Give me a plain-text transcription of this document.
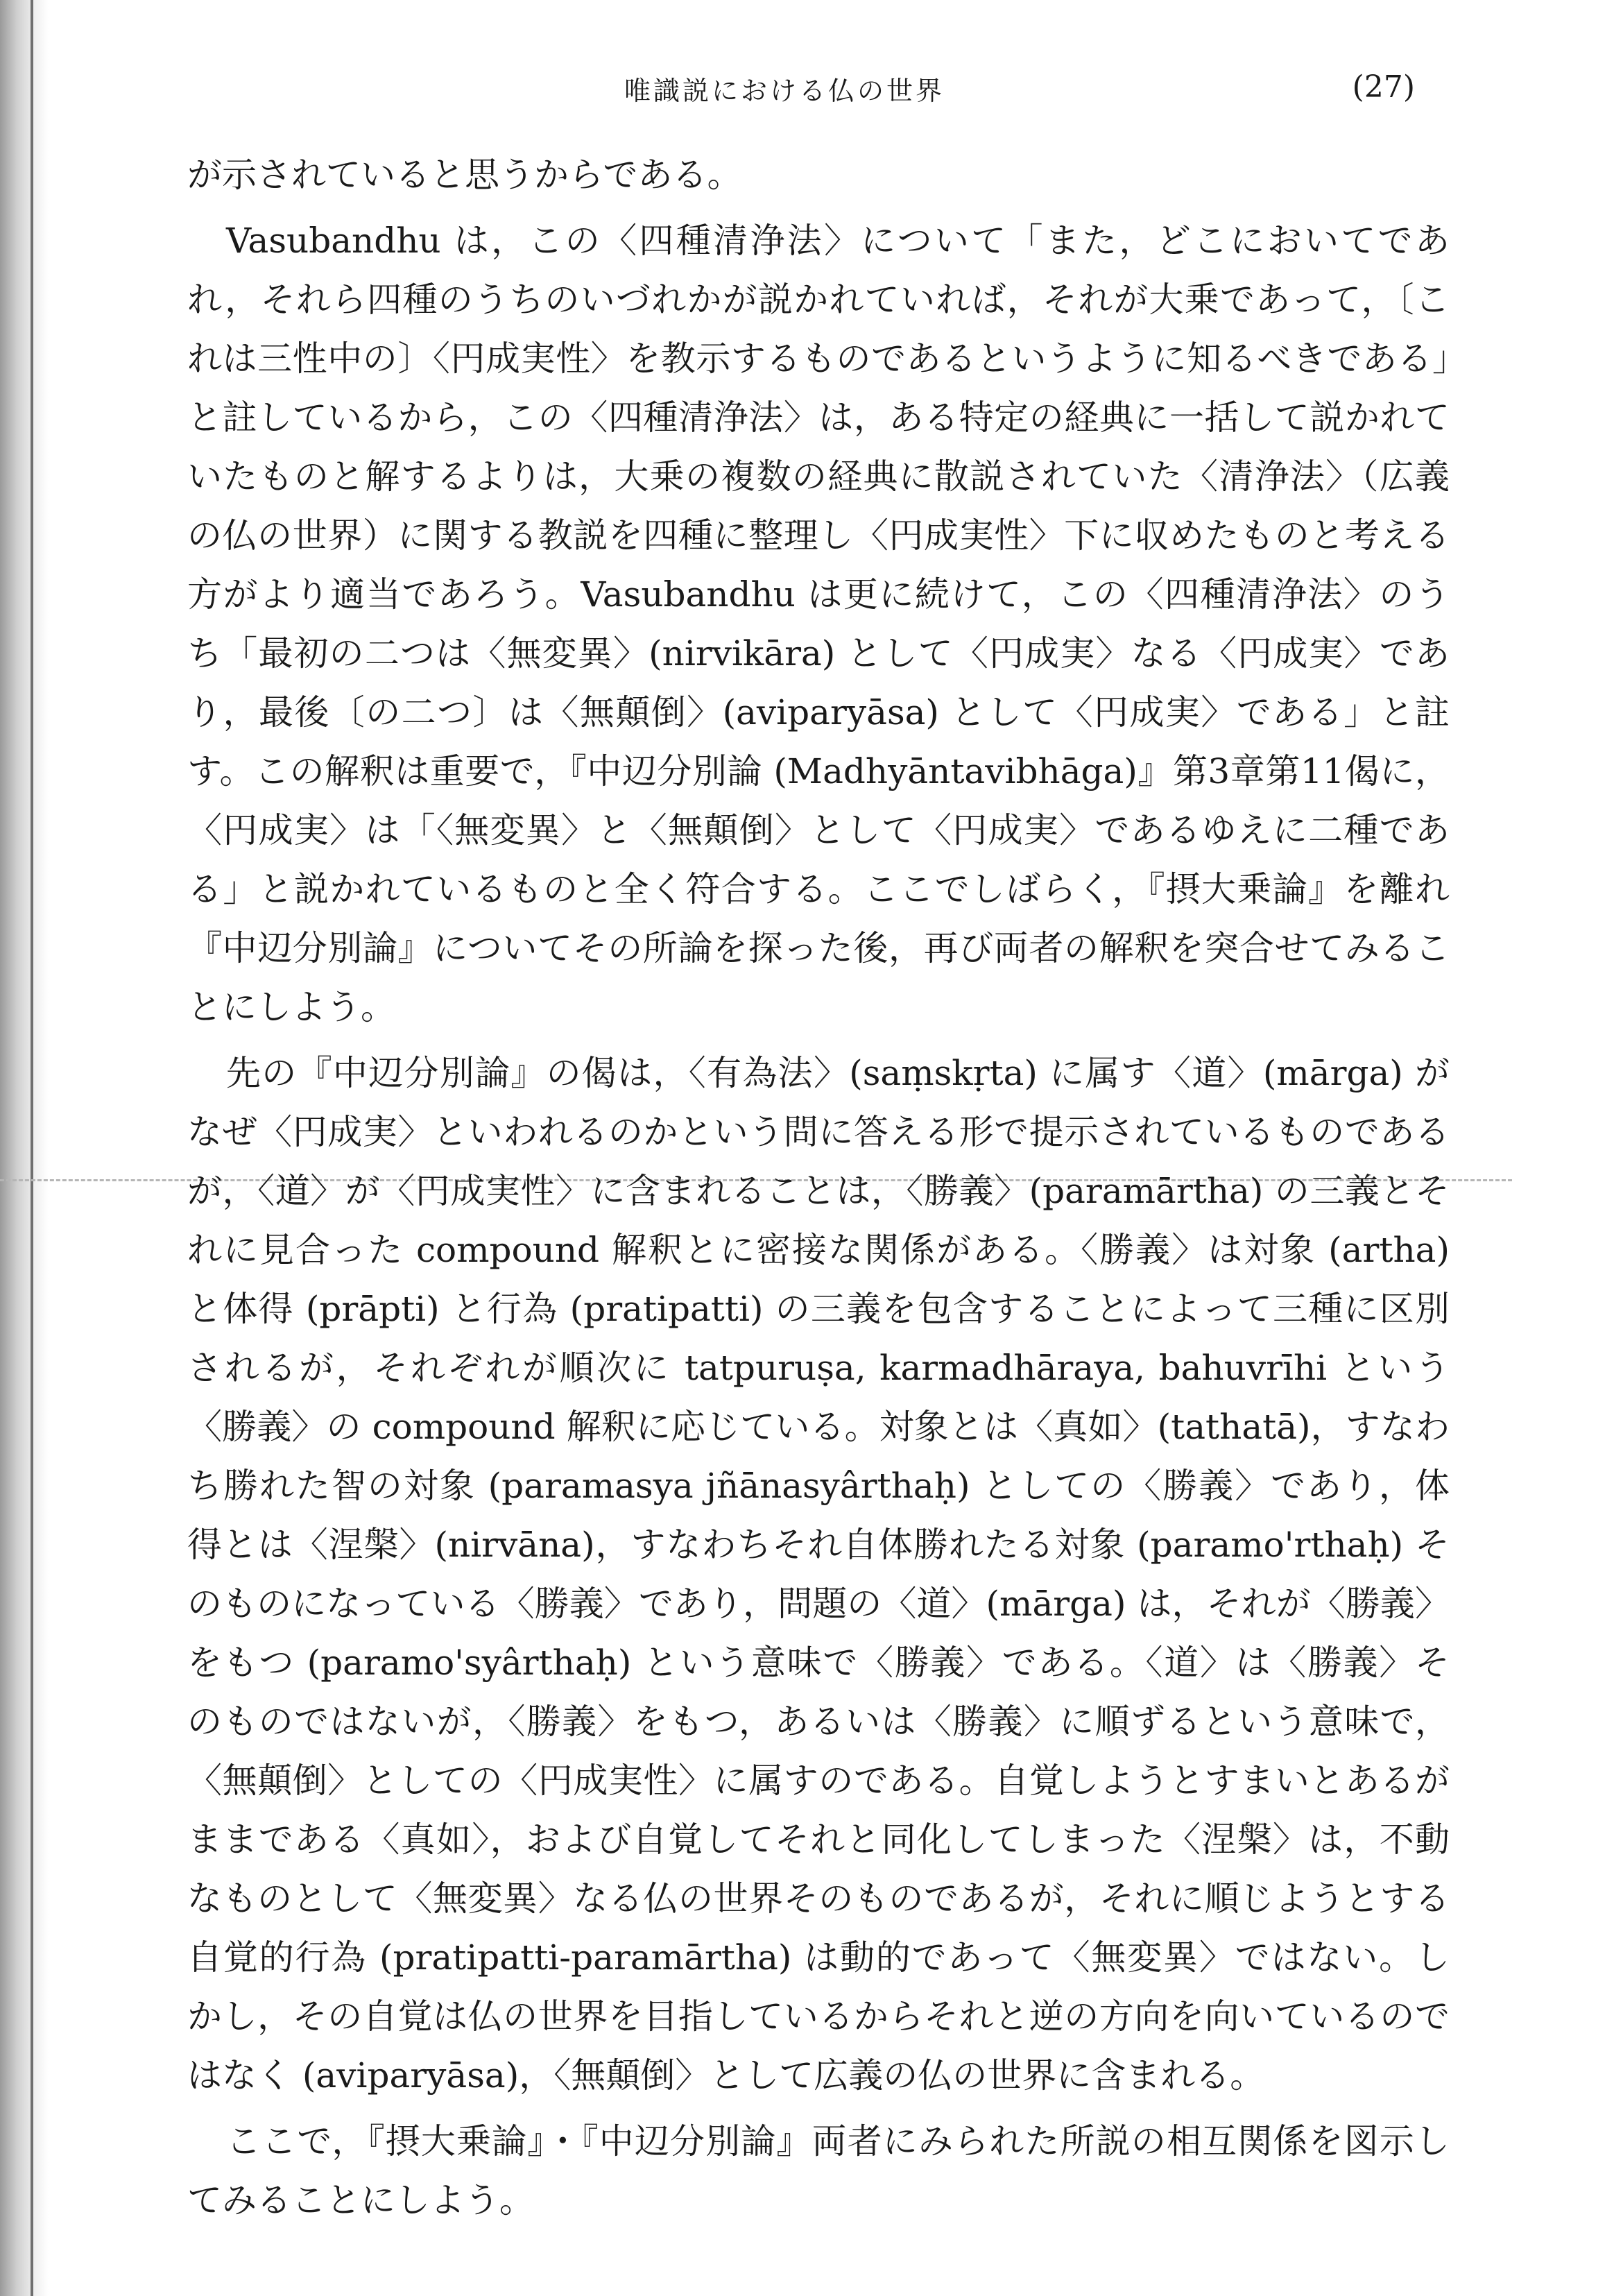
唯識説における仏の世界	(27)

が示されていると思うからである。

Vasubandhu は，この〈四種清浄法〉について「また，どこにおいてであれ，それら四種のうちのいづれかが説かれていれば，それが大乗であって，〔これは三性中の〕〈円成実性〉を教示するものであるというように知るべきである」と註しているから，この〈四種清浄法〉は，ある特定の経典に一括して説かれていたものと解するよりは，大乗の複数の経典に散説されていた〈清浄法〉（広義の仏の世界）に関する教説を四種に整理し〈円成実性〉下に収めたものと考える方がより適当であろう。Vasubandhu は更に続けて，この〈四種清浄法〉のうち「最初の二つは〈無変異〉(nirvikāra) として〈円成実〉なる〈円成実〉であり，最後〔の二つ〕は〈無顛倒〉(aviparyāsa) として〈円成実〉である」と註す。この解釈は重要で，『中辺分別論 (Madhyāntavibhāga)』第3章第11偈に，〈円成実〉は「〈無変異〉と〈無顛倒〉として〈円成実〉であるゆえに二種である」と説かれているものと全く符合する。ここでしばらく，『摂大乗論』を離れ『中辺分別論』についてその所論を探った後，再び両者の解釈を突合せてみることにしよう。

先の『中辺分別論』の偈は，〈有為法〉(saṃskṛta) に属す〈道〉(mārga) がなぜ〈円成実〉といわれるのかという問に答える形で提示されているものであるが，〈道〉が〈円成実性〉に含まれることは，〈勝義〉(paramārtha) の三義とそれに見合った compound 解釈とに密接な関係がある。〈勝義〉は対象 (artha) と体得 (prāpti) と行為 (pratipatti) の三義を包含することによって三種に区別されるが，それぞれが順次に tatpuruṣa, karmadhāraya, bahuvrīhi という〈勝義〉の compound 解釈に応じている。対象とは〈真如〉(tathatā)，すなわち勝れた智の対象 (paramasya jñānasyârthaḥ) としての〈勝義〉であり，体得とは〈涅槃〉(nirvāna)，すなわちそれ自体勝れたる対象 (paramo'rthaḥ) そのものになっている〈勝義〉であり，問題の〈道〉(mārga) は，それが〈勝義〉をもつ (paramo'syârthaḥ) という意味で〈勝義〉である。〈道〉は〈勝義〉そのものではないが，〈勝義〉をもつ，あるいは〈勝義〉に順ずるという意味で，〈無顛倒〉としての〈円成実性〉に属すのである。自覚しようとすまいとあるがままである〈真如〉，および自覚してそれと同化してしまった〈涅槃〉は，不動なものとして〈無変異〉なる仏の世界そのものであるが，それに順じようとする自覚的行為 (pratipatti-paramārtha) は動的であって〈無変異〉ではない。しかし，その自覚は仏の世界を目指しているからそれと逆の方向を向いているのではなく (aviparyāsa)，〈無顛倒〉として広義の仏の世界に含まれる。

ここで，『摂大乗論』・『中辺分別論』両者にみられた所説の相互関係を図示してみることにしよう。
